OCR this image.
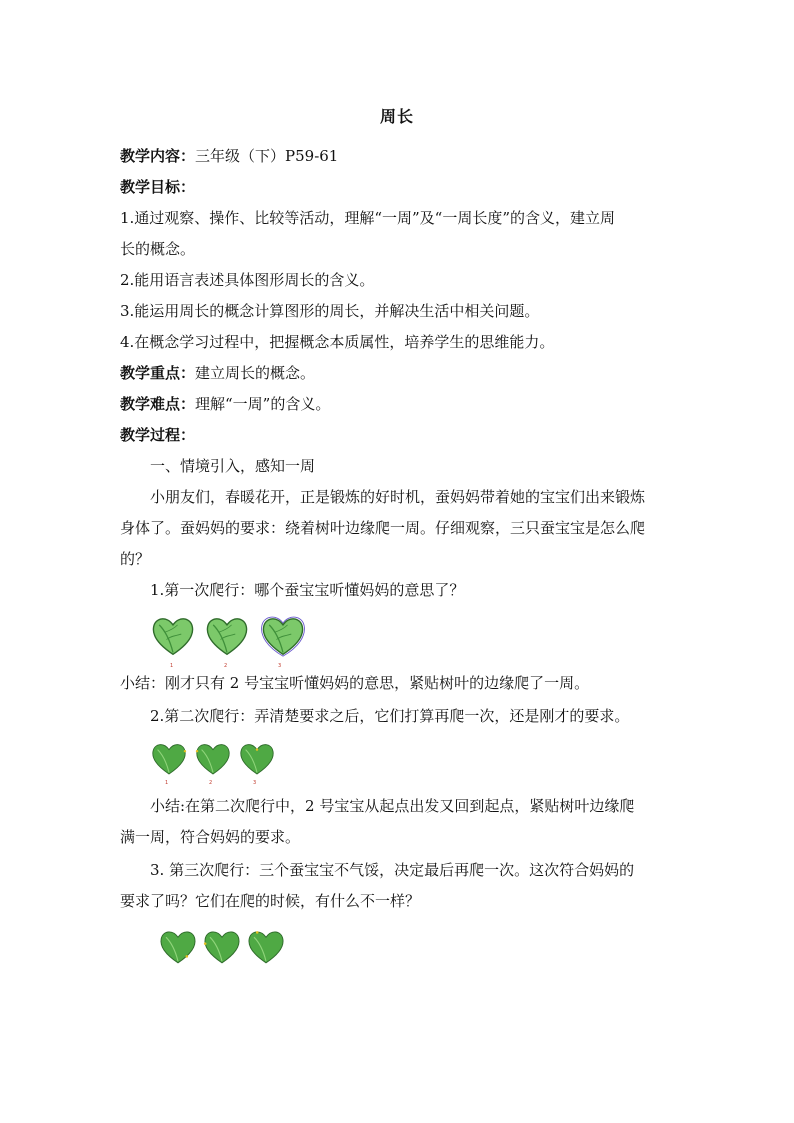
周长
教学内容：三年级（下）P59-61
教学目标：
1.通过观察、操作、比较等活动，理解“一周”及“一周长度”的含义，建立周
长的概念。
2.能用语言表述具体图形周长的含义。
3.能运用周长的概念计算图形的周长，并解决生活中相关问题。
4.在概念学习过程中，把握概念本质属性，培养学生的思维能力。
教学重点：建立周长的概念。
教学难点：理解“一周”的含义。
教学过程：
一、情境引入，感知一周
小朋友们，春暖花开，正是锻炼的好时机，蚕妈妈带着她的宝宝们出来锻炼
身体了。蚕妈妈的要求：绕着树叶边缘爬一周。仔细观察，三只蚕宝宝是怎么爬
的？
1.第一次爬行：哪个蚕宝宝听懂妈妈的意思了？
1	2	3
小结：刚才只有 2 号宝宝听懂妈妈的意思，紧贴树叶的边缘爬了一周。
2.第二次爬行：弄清楚要求之后，它们打算再爬一次，还是刚才的要求。
1	2	3
小结:在第二次爬行中，2 号宝宝从起点出发又回到起点，紧贴树叶边缘爬
满一周，符合妈妈的要求。
3. 第三次爬行：三个蚕宝宝不气馁，决定最后再爬一次。这次符合妈妈的
要求了吗？它们在爬的时候，有什么不一样？
